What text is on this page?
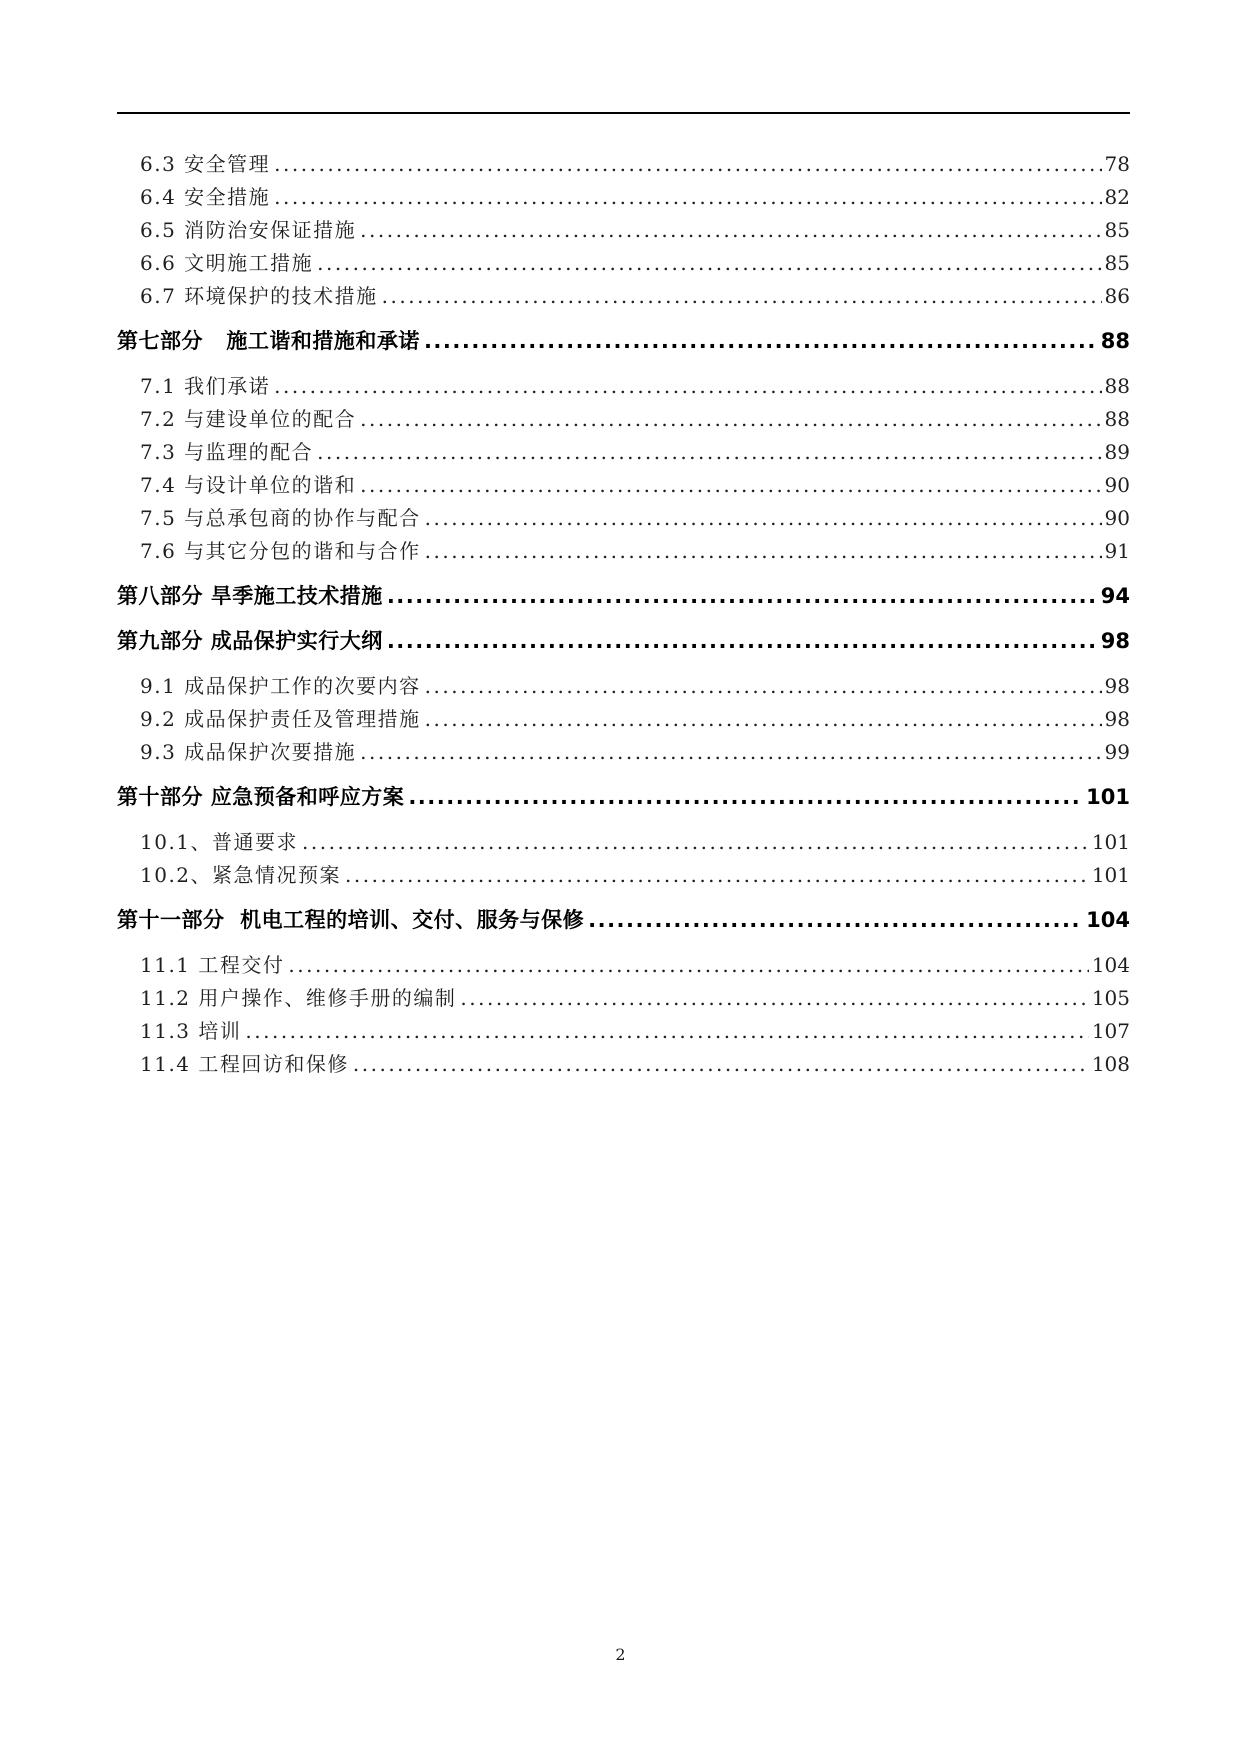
6.3 安全管理 .....	78
6.4 安全措施 .....	82
6.5 消防治安保证措施 .....	85
6.6 文明施工措施 .....	85
6.7 环境保护的技术措施 .....	86
第七部分   施工谐和措施和承诺 .....	88
7.1 我们承诺 .....	88
7.2 与建设单位的配合 .....	88
7.3 与监理的配合 .....	89
7.4 与设计单位的谐和 .....	90
7.5 与总承包商的协作与配合 .....	90
7.6 与其它分包的谐和与合作 .....	91
第八部分 旱季施工技术措施 .....	94
第九部分 成品保护实行大纲 .....	98
9.1 成品保护工作的次要内容 .....	98
9.2 成品保护责任及管理措施 .....	98
9.3 成品保护次要措施 .....	99
第十部分 应急预备和呼应方案 .....	101
10.1、普通要求 .....	101
10.2、紧急情况预案 .....	101
第十一部分  机电工程的培训、交付、服务与保修 .....	104
11.1 工程交付 .....	104
11.2 用户操作、维修手册的编制 .....	105
11.3 培训 .....	107
11.4 工程回访和保修 .....	108
2
